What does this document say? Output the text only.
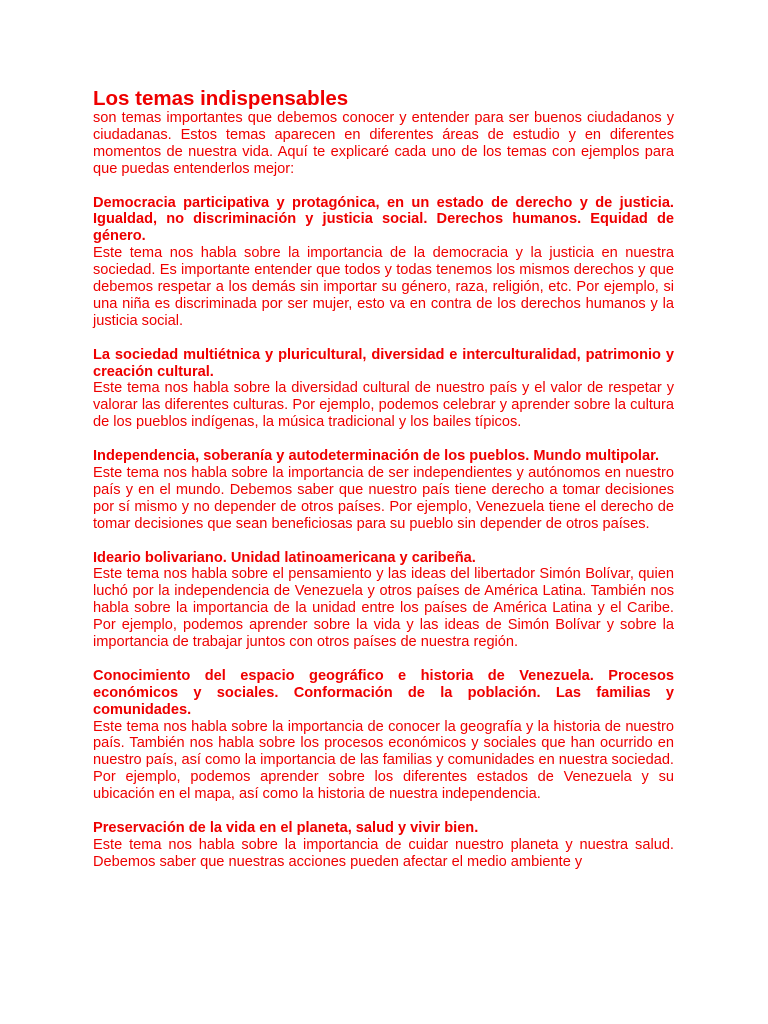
Los temas indispensables

son temas importantes que debemos conocer y entender para ser buenos ciudadanos y ciudadanas. Estos temas aparecen en diferentes áreas de estudio y en diferentes momentos de nuestra vida. Aquí te explicaré cada uno de los temas con ejemplos para que puedas entenderlos mejor:

Democracia participativa y protagónica, en un estado de derecho y de justicia. Igualdad, no discriminación y justicia social. Derechos humanos. Equidad de género.

Este tema nos habla sobre la importancia de la democracia y la justicia en nuestra sociedad. Es importante entender que todos y todas tenemos los mismos derechos y que debemos respetar a los demás sin importar su género, raza, religión, etc. Por ejemplo, si una niña es discriminada por ser mujer, esto va en contra de los derechos humanos y la justicia social.

La sociedad multiétnica y pluricultural, diversidad e interculturalidad, patrimonio y creación cultural.

Este tema nos habla sobre la diversidad cultural de nuestro país y el valor de respetar y valorar las diferentes culturas. Por ejemplo, podemos celebrar y aprender sobre la cultura de los pueblos indígenas, la música tradicional y los bailes típicos.

Independencia, soberanía y autodeterminación de los pueblos. Mundo multipolar.

Este tema nos habla sobre la importancia de ser independientes y autónomos en nuestro país y en el mundo. Debemos saber que nuestro país tiene derecho a tomar decisiones por sí mismo y no depender de otros países. Por ejemplo, Venezuela tiene el derecho de tomar decisiones que sean beneficiosas para su pueblo sin depender de otros países.

Ideario bolivariano. Unidad latinoamericana y caribeña.

Este tema nos habla sobre el pensamiento y las ideas del libertador Simón Bolívar, quien luchó por la independencia de Venezuela y otros países de América Latina. También nos habla sobre la importancia de la unidad entre los países de América Latina y el Caribe. Por ejemplo, podemos aprender sobre la vida y las ideas de Simón Bolívar y sobre la importancia de trabajar juntos con otros países de nuestra región.

Conocimiento del espacio geográfico e historia de Venezuela. Procesos económicos y sociales. Conformación de la población. Las familias y comunidades.

Este tema nos habla sobre la importancia de conocer la geografía y la historia de nuestro país. También nos habla sobre los procesos económicos y sociales que han ocurrido en nuestro país, así como la importancia de las familias y comunidades en nuestra sociedad. Por ejemplo, podemos aprender sobre los diferentes estados de Venezuela y su ubicación en el mapa, así como la historia de nuestra independencia.

Preservación de la vida en el planeta, salud y vivir bien.

Este tema nos habla sobre la importancia de cuidar nuestro planeta y nuestra salud. Debemos saber que nuestras acciones pueden afectar el medio ambiente y
